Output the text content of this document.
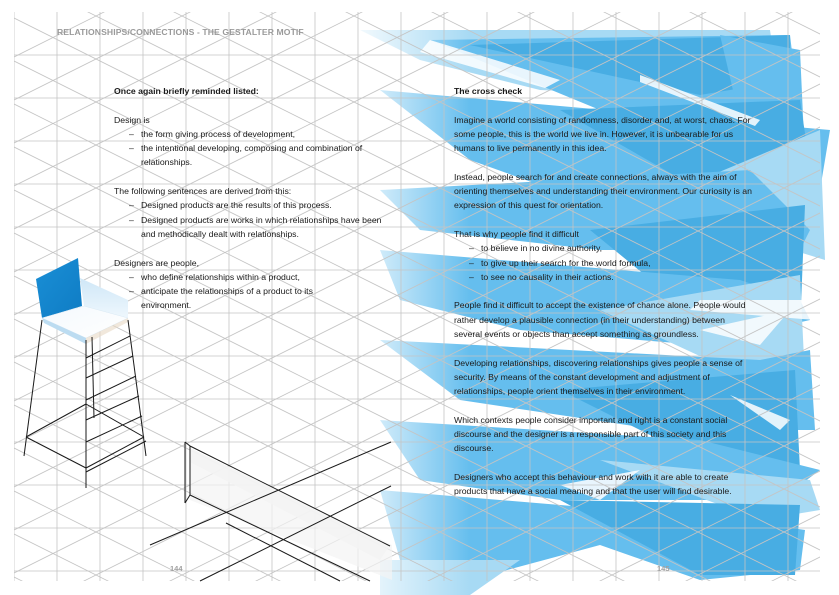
RELATIONSHIPS/CONNECTIONS - THE GESTALTER MOTIF
Once again briefly reminded listed:
Design is
– the form giving process of development,
– the intentional developing, composing and combination of relationships.
The following sentences are derived from this:
– Designed products are the results of this process.
– Designed products are works in which relationships have been and methodically dealt with relationships.
Designers are people,
– who define relationships within a product,
– anticipate the relationships of a product to its environment.
The cross check

Imagine a world consisting of randomness, disorder and, at worst, chaos. For some people, this is the world we live in. However, it is unbearable for us humans to live permanently in this idea.

Instead, people search for and create connections, always with the aim of orienting themselves and understanding their environment. Our curiosity is an expression of this quest for orientation.

That is why people find it difficult
– to believe in no divine authority,
– to give up their search for the world formula,
– to see no causality in their actions.

People find it difficult to accept the existence of chance alone. People would rather develop a plausible connection (in their understanding) between several events or objects than accept something as groundless.

Developing relationships, discovering relationships gives people a sense of security. By means of the constant development and adjustment of relationships, people orient themselves in their environment.

Which contexts people consider important and right is a constant social discourse and the designer is a responsible part of this society and this discourse.

Designers who accept this behaviour and work with it are able to create products that have a social meaning and that the user will find desirable.

144	145
